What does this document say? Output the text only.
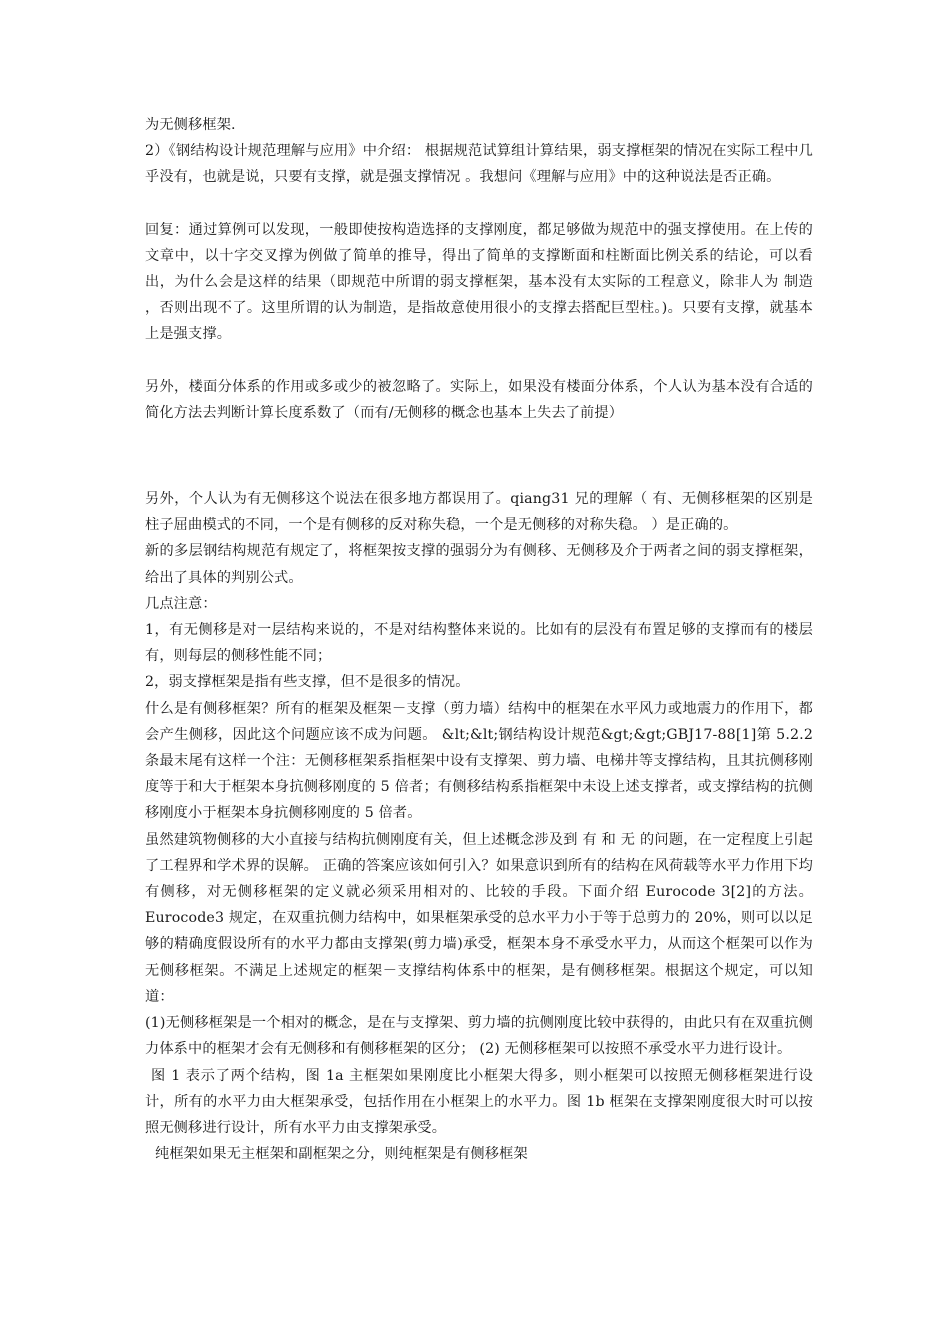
为无侧移框架.

2）《钢结构设计规范理解与应用》中介绍： 根据规范试算组计算结果，弱支撑框架的情况在实际工程中几乎没有，也就是说，只要有支撑，就是强支撑情况 。我想问《理解与应用》中的这种说法是否正确。

回复：通过算例可以发现，一般即使按构造选择的支撑刚度，都足够做为规范中的强支撑使用。在上传的文章中，以十字交叉撑为例做了简单的推导，得出了简单的支撑断面和柱断面比例关系的结论，可以看出，为什么会是这样的结果（即规范中所谓的弱支撑框架，基本没有太实际的工程意义，除非人为 制造 ，否则出现不了。这里所谓的认为制造，是指故意使用很小的支撑去搭配巨型柱。)。只要有支撑，就基本上是强支撑。

另外，楼面分体系的作用或多或少的被忽略了。实际上，如果没有楼面分体系，个人认为基本没有合适的简化方法去判断计算长度系数了（而有/无侧移的概念也基本上失去了前提）

另外，个人认为有无侧移这个说法在很多地方都误用了。qiang31 兄的理解（ 有、无侧移框架的区别是柱子屈曲模式的不同，一个是有侧移的反对称失稳，一个是无侧移的对称失稳。 ）是正确的。

新的多层钢结构规范有规定了，将框架按支撑的强弱分为有侧移、无侧移及介于两者之间的弱支撑框架，给出了具体的判别公式。

几点注意：

1，有无侧移是对一层结构来说的，不是对结构整体来说的。比如有的层没有布置足够的支撑而有的楼层有，则每层的侧移性能不同；

2，弱支撑框架是指有些支撑，但不是很多的情况。

什么是有侧移框架？所有的框架及框架－支撑（剪力墙）结构中的框架在水平风力或地震力的作用下，都会产生侧移，因此这个问题应该不成为问题。 &lt;&lt;钢结构设计规范&gt;&gt;GBJ17-88[1]第 5.2.2 条最末尾有这样一个注：无侧移框架系指框架中设有支撑架、剪力墙、电梯井等支撑结构，且其抗侧移刚度等于和大于框架本身抗侧移刚度的 5 倍者；有侧移结构系指框架中未设上述支撑者，或支撑结构的抗侧移刚度小于框架本身抗侧移刚度的 5 倍者。

虽然建筑物侧移的大小直接与结构抗侧刚度有关，但上述概念涉及到 有 和 无 的问题，在一定程度上引起了工程界和学术界的误解。 正确的答案应该如何引入？如果意识到所有的结构在风荷载等水平力作用下均有侧移，对无侧移框架的定义就必须采用相对的、比较的手段。下面介绍 Eurocode 3[2]的方法。Eurocode3 规定，在双重抗侧力结构中，如果框架承受的总水平力小于等于总剪力的 20%，则可以以足够的精确度假设所有的水平力都由支撑架(剪力墙)承受，框架本身不承受水平力，从而这个框架可以作为无侧移框架。不满足上述规定的框架－支撑结构体系中的框架，是有侧移框架。根据这个规定，可以知道：

(1)无侧移框架是一个相对的概念，是在与支撑架、剪力墙的抗侧刚度比较中获得的，由此只有在双重抗侧力体系中的框架才会有无侧移和有侧移框架的区分； (2) 无侧移框架可以按照不承受水平力进行设计。

图 1 表示了两个结构，图 1a 主框架如果刚度比小框架大得多，则小框架可以按照无侧移框架进行设计，所有的水平力由大框架承受，包括作用在小框架上的水平力。图 1b 框架在支撑架刚度很大时可以按照无侧移进行设计，所有水平力由支撑架承受。

纯框架如果无主框架和副框架之分，则纯框架是有侧移框架
